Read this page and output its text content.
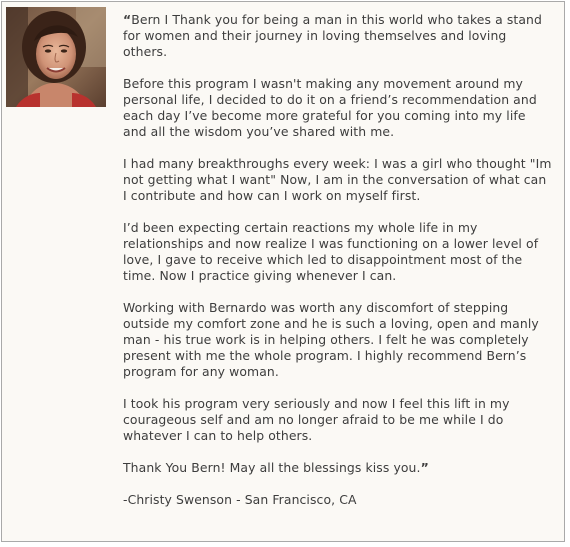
“Bern I Thank you for being a man in this world who takes a stand for women and their journey in loving themselves and loving others.

Before this program I wasn't making any movement around my personal life, I decided to do it on a friend’s recommendation and each day I’ve become more grateful for you coming into my life and all the wisdom you’ve shared with me.

I had many breakthroughs every week: I was a girl who thought "Im not getting what I want" Now, I am in the conversation of what can I contribute and how can I work on myself first.

I’d been expecting certain reactions my whole life in my relationships and now realize I was functioning on a lower level of love, I gave to receive which led to disappointment most of the time. Now I practice giving whenever I can.

Working with Bernardo was worth any discomfort of stepping outside my comfort zone and he is such a loving, open and manly man - his true work is in helping others. I felt he was completely present with me the whole program. I highly recommend Bern’s program for any woman.

I took his program very seriously and now I feel this lift in my courageous self and am no longer afraid to be me while I do whatever I can to help others.

Thank You Bern! May all the blessings kiss you.”

-Christy Swenson - San Francisco, CA
